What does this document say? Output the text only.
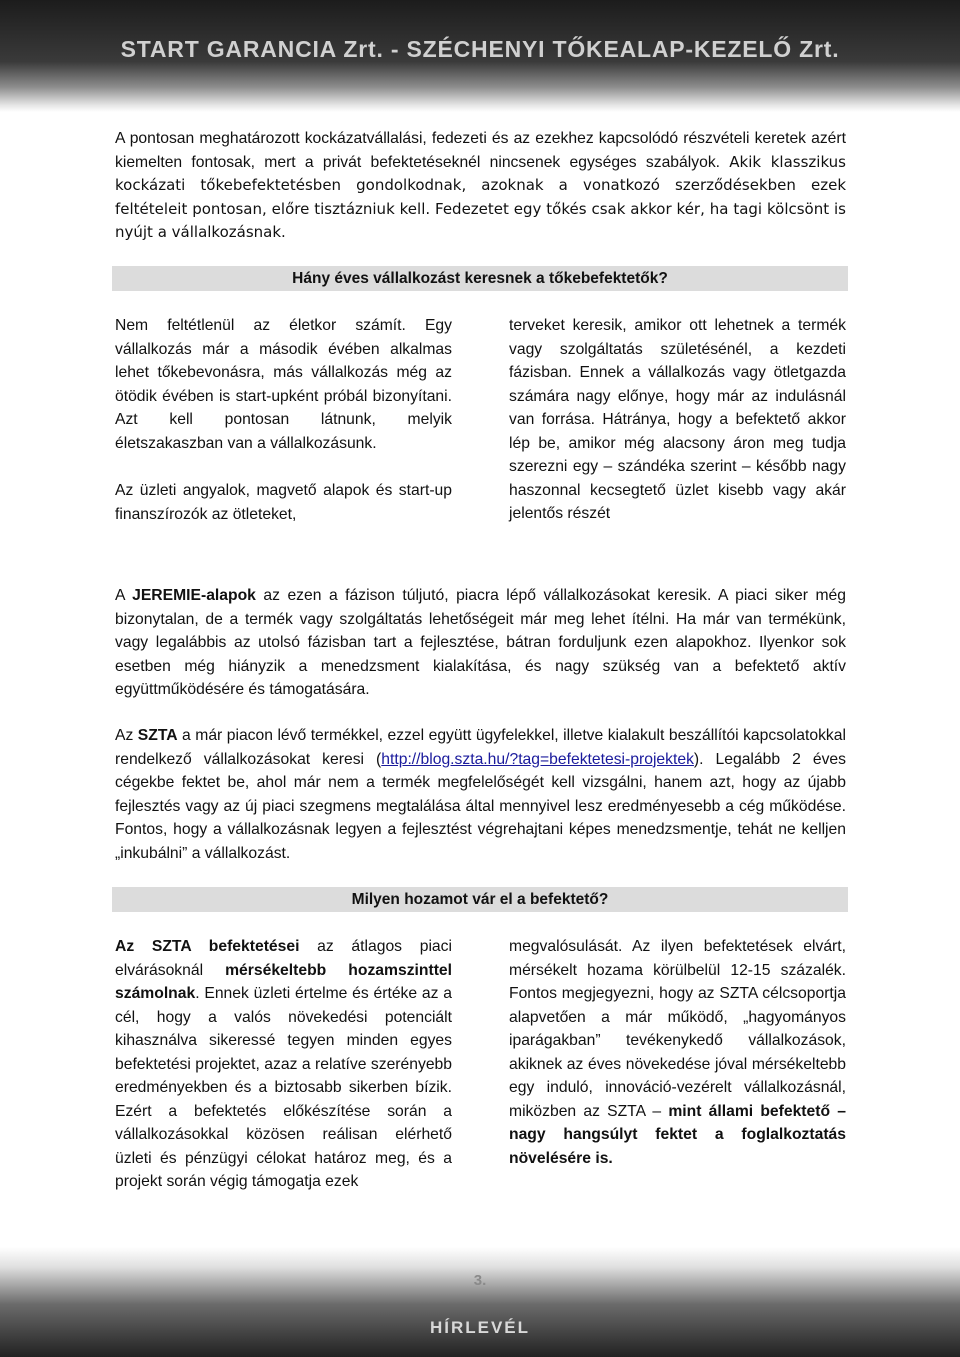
START GARANCIA Zrt. - SZÉCHENYI TŐKEALAP-KEZELŐ Zrt.

A pontosan meghatározott kockázatvállalási, fedezeti és az ezekhez kapcsolódó részvételi keretek azért kiemelten fontosak, mert a privát befektetéseknél nincsenek egységes szabályok. Akik klasszikus kockázati tőkebefektetésben gondolkodnak, azoknak a vonatkozó szerződésekben ezek feltételeit pontosan, előre tisztázniuk kell. Fedezetet egy tőkés csak akkor kér, ha tagi kölcsönt is nyújt a vállalkozásnak.

Hány éves vállalkozást keresnek a tőkebefektetők?

Nem feltétlenül az életkor számít. Egy vállalkozás már a második évében alkalmas lehet tőkebevonásra, más vállalkozás még az ötödik évében is start-upként próbál bizonyítani. Azt kell pontosan látnunk, melyik életszakaszban van a vállalkozásunk.

Az üzleti angyalok, magvető alapok és start-up finanszírozók az ötleteket,

terveket keresik, amikor ott lehetnek a termék vagy szolgáltatás születésénél, a kezdeti fázisban. Ennek a vállalkozás vagy ötletgazda számára nagy előnye, hogy már az indulásnál van forrása. Hátránya, hogy a befektető akkor lép be, amikor még alacsony áron meg tudja szerezni egy – szándéka szerint – később nagy haszonnal kecsegtető üzlet kisebb vagy akár jelentős részét

A JEREMIE-alapok az ezen a fázison túljutó, piacra lépő vállalkozásokat keresik. A piaci siker még bizonytalan, de a termék vagy szolgáltatás lehetőségeit már meg lehet ítélni. Ha már van termékünk, vagy legalábbis az utolsó fázisban tart a fejlesztése, bátran forduljunk ezen alapokhoz. Ilyenkor sok esetben még hiányzik a menedzsment kialakítása, és nagy szükség van a befektető aktív együttműködésére és támogatására.

Az SZTA a már piacon lévő termékkel, ezzel együtt ügyfelekkel, illetve kialakult beszállítói kapcsolatokkal rendelkező vállalkozásokat keresi (http://blog.szta.hu/?tag=befektetesi-projektek). Legalább 2 éves cégekbe fektet be, ahol már nem a termék megfelelőségét kell vizsgálni, hanem azt, hogy az újabb fejlesztés vagy az új piaci szegmens megtalálása által mennyivel lesz eredményesebb a cég működése. Fontos, hogy a vállalkozásnak legyen a fejlesztést végrehajtani képes menedzsmentje, tehát ne kelljen „inkubálni” a vállalkozást.

Milyen hozamot vár el a befektető?

Az SZTA befektetései az átlagos piaci elvárásoknál mérsékeltebb hozamszinttel számolnak. Ennek üzleti értelme és értéke az a cél, hogy a valós növekedési potenciált kihasználva sikeressé tegyen minden egyes befektetési projektet, azaz a relatíve szerényebb eredményekben és a biztosabb sikerben bízik. Ezért a befektetés előkészítése során a vállalkozásokkal közösen reálisan elérhető üzleti és pénzügyi célokat határoz meg, és a projekt során végig támogatja ezek

megvalósulását. Az ilyen befektetések elvárt, mérsékelt hozama körülbelül 12-15 százalék. Fontos megjegyezni, hogy az SZTA célcsoportja alapvetően a már működő, „hagyományos iparágakban” tevékenykedő vállalkozások, akiknek az éves növekedése jóval mérsékeltebb egy induló, innováció-vezérelt vállalkozásnál, miközben az SZTA – mint állami befektető – nagy hangsúlyt fektet a foglalkoztatás növelésére is.

3.
HÍRLEVÉL
